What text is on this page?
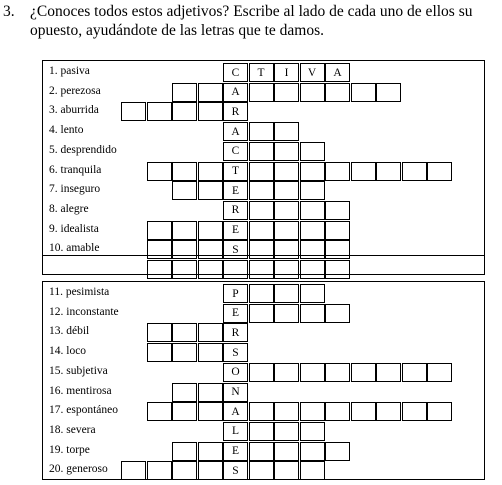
3. ¿Conoces todos estos adjetivos? Escribe al lado de cada uno de ellos su
opuesto, ayudándote de las letras que te damos.
1. pasiva	C	T	I	V	A
2. perezosa	A
3. aburrida	R
4. lento	A
5. desprendido	C
6. tranquila	T
7. inseguro	E
8. alegre	R
9. idealista	E
10. amable	S
11. pesimista	P
12. inconstante	E
13. débil	R
14. loco	S
15. subjetiva	O
16. mentirosa	N
17. espontáneo	A
18. severa	L
19. torpe	E
20. generoso	S
